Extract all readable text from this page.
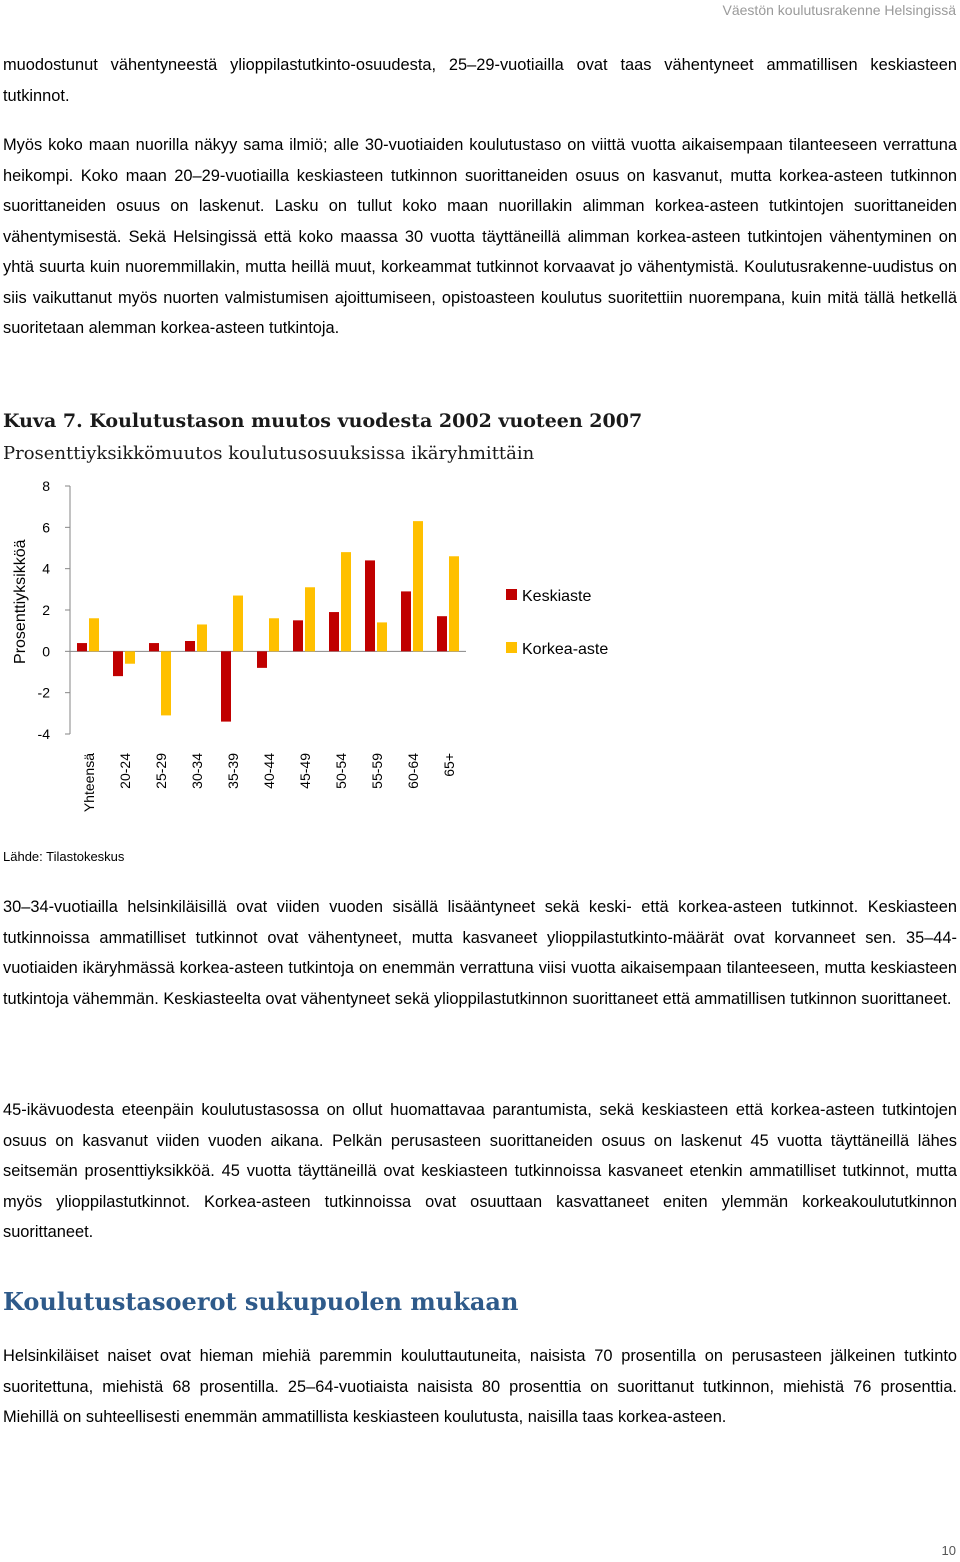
Väestön koulutusrakenne Helsingissä

muodostunut vähentyneestä ylioppilastutkinto-osuudesta, 25–29-vuotiailla ovat taas vähentyneet ammatillisen keskiasteen tutkinnot.

Myös koko maan nuorilla näkyy sama ilmiö; alle 30-vuotiaiden koulutustaso on viittä vuotta aikaisempaan tilanteeseen verrattuna heikompi. Koko maan 20–29-vuotiailla keskiasteen tutkinnon suorittaneiden osuus on kasvanut, mutta korkea-asteen tutkinnon suorittaneiden osuus on laskenut. Lasku on tullut koko maan nuorillakin alimman korkea-asteen tutkintojen suorittaneiden vähentymisestä. Sekä Helsingissä että koko maassa 30 vuotta täyttäneillä alimman korkea-asteen tutkintojen vähentyminen on yhtä suurta kuin nuoremmillakin, mutta heillä muut, korkeammat tutkinnot korvaavat jo vähentymistä. Koulutusrakenne-uudistus on siis vaikuttanut myös nuorten valmistumisen ajoittumiseen, opistoasteen koulutus suoritettiin nuorempana, kuin mitä tällä hetkellä suoritetaan alemman korkea-asteen tutkintoja.

Kuva 7. Koulutustason muutos vuodesta 2002 vuoteen 2007
Prosenttiyksikkömuutos koulutusosuuksissa ikäryhmittäin
-4
-2
0
2
4
6
8
Prosenttiyksikköä
Yhteensä 20-24 25-29 30-34 35-39 40-44 45-49 50-54 55-59 60-64 65+
Keskiaste
Korkea-aste
Lähde: Tilastokeskus

30–34-vuotiailla helsinkiläisillä ovat viiden vuoden sisällä lisääntyneet sekä keski- että korkea-asteen tutkinnot. Keskiasteen tutkinnoissa ammatilliset tutkinnot ovat vähentyneet, mutta kasvaneet ylioppilastutkinto-määrät ovat korvanneet sen. 35–44-vuotiaiden ikäryhmässä korkea-asteen tutkintoja on enemmän verrattuna viisi vuotta aikaisempaan tilanteeseen, mutta keskiasteen tutkintoja vähemmän. Keskiasteelta ovat vähentyneet sekä ylioppilastutkinnon suorittaneet että ammatillisen tutkinnon suorittaneet.

45-ikävuodesta eteenpäin koulutustasossa on ollut huomattavaa parantumista, sekä keskiasteen että korkea-asteen tutkintojen osuus on kasvanut viiden vuoden aikana. Pelkän perusasteen suorittaneiden osuus on laskenut 45 vuotta täyttäneillä lähes seitsemän prosenttiyksikköä. 45 vuotta täyttäneillä ovat keskiasteen tutkinnoissa kasvaneet etenkin ammatilliset tutkinnot, mutta myös ylioppilastutkinnot. Korkea-asteen tutkinnoissa ovat osuuttaan kasvattaneet eniten ylemmän korkeakoulututkinnon suorittaneet.

Koulutustasoerot sukupuolen mukaan

Helsinkiläiset naiset ovat hieman miehiä paremmin kouluttautuneita, naisista 70 prosentilla on perusasteen jälkeinen tutkinto suoritettuna, miehistä 68 prosentilla. 25–64-vuotiaista naisista 80 prosenttia on suorittanut tutkinnon, miehistä 76 prosenttia. Miehillä on suhteellisesti enemmän ammatillista keskiasteen koulutusta, naisilla taas korkea-asteen.

10
